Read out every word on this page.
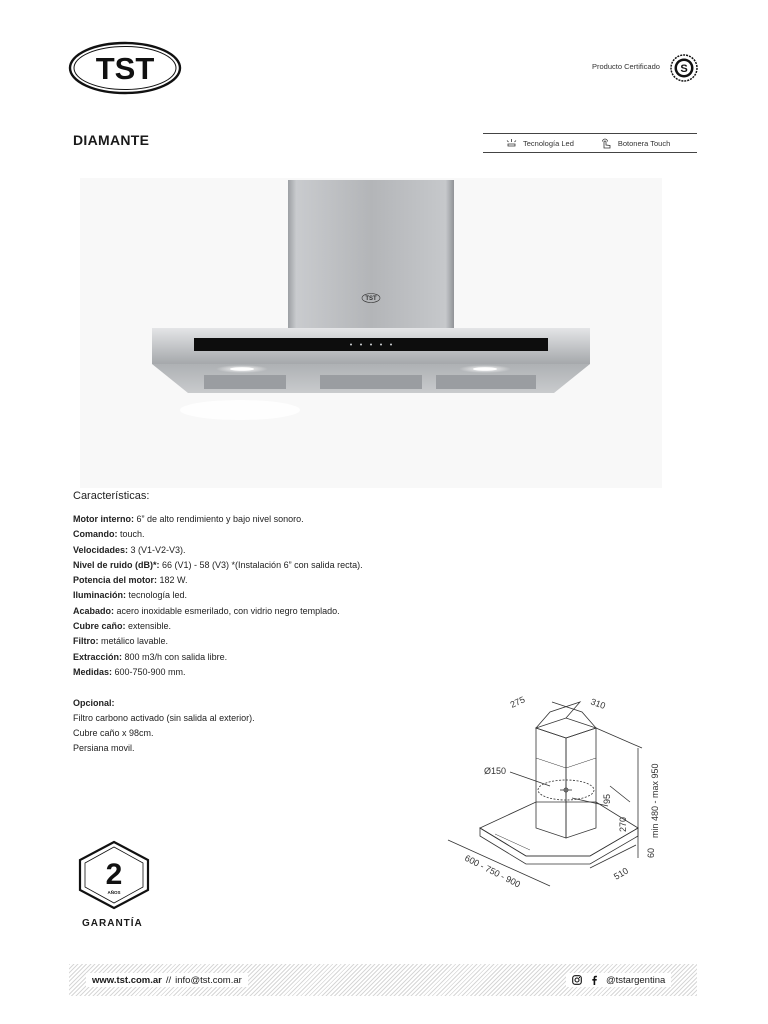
TST	Producto Certificado S
DIAMANTE	Tecnología Led	Botonera Touch
TST
Características:
Motor interno: 6” de alto rendimiento y bajo nivel sonoro.
Comando: touch.
Velocidades: 3 (V1-V2-V3).
Nivel de ruido (dB)*: 66 (V1) - 58 (V3) *(Instalación 6” con salida recta).
Potencia del motor: 182 W.
Iluminación: tecnología led.
Acabado: acero inoxidable esmerilado, con vidrio negro templado.
Cubre caño: extensible.
Filtro: metálico lavable.
Extracción: 800 m3/h con salida libre.
Medidas: 600-750-900 mm.
Opcional:
Filtro carbono activado (sin salida al exterior).
Cubre caño x 98cm.
Persiana movil.
275	310
Ø150
95
270 min 480 - max 950
60
600 - 750 - 900	510
2
AÑOS
GARANTÍA
www.tst.com.ar // info@tst.com.ar	@tstargentina
